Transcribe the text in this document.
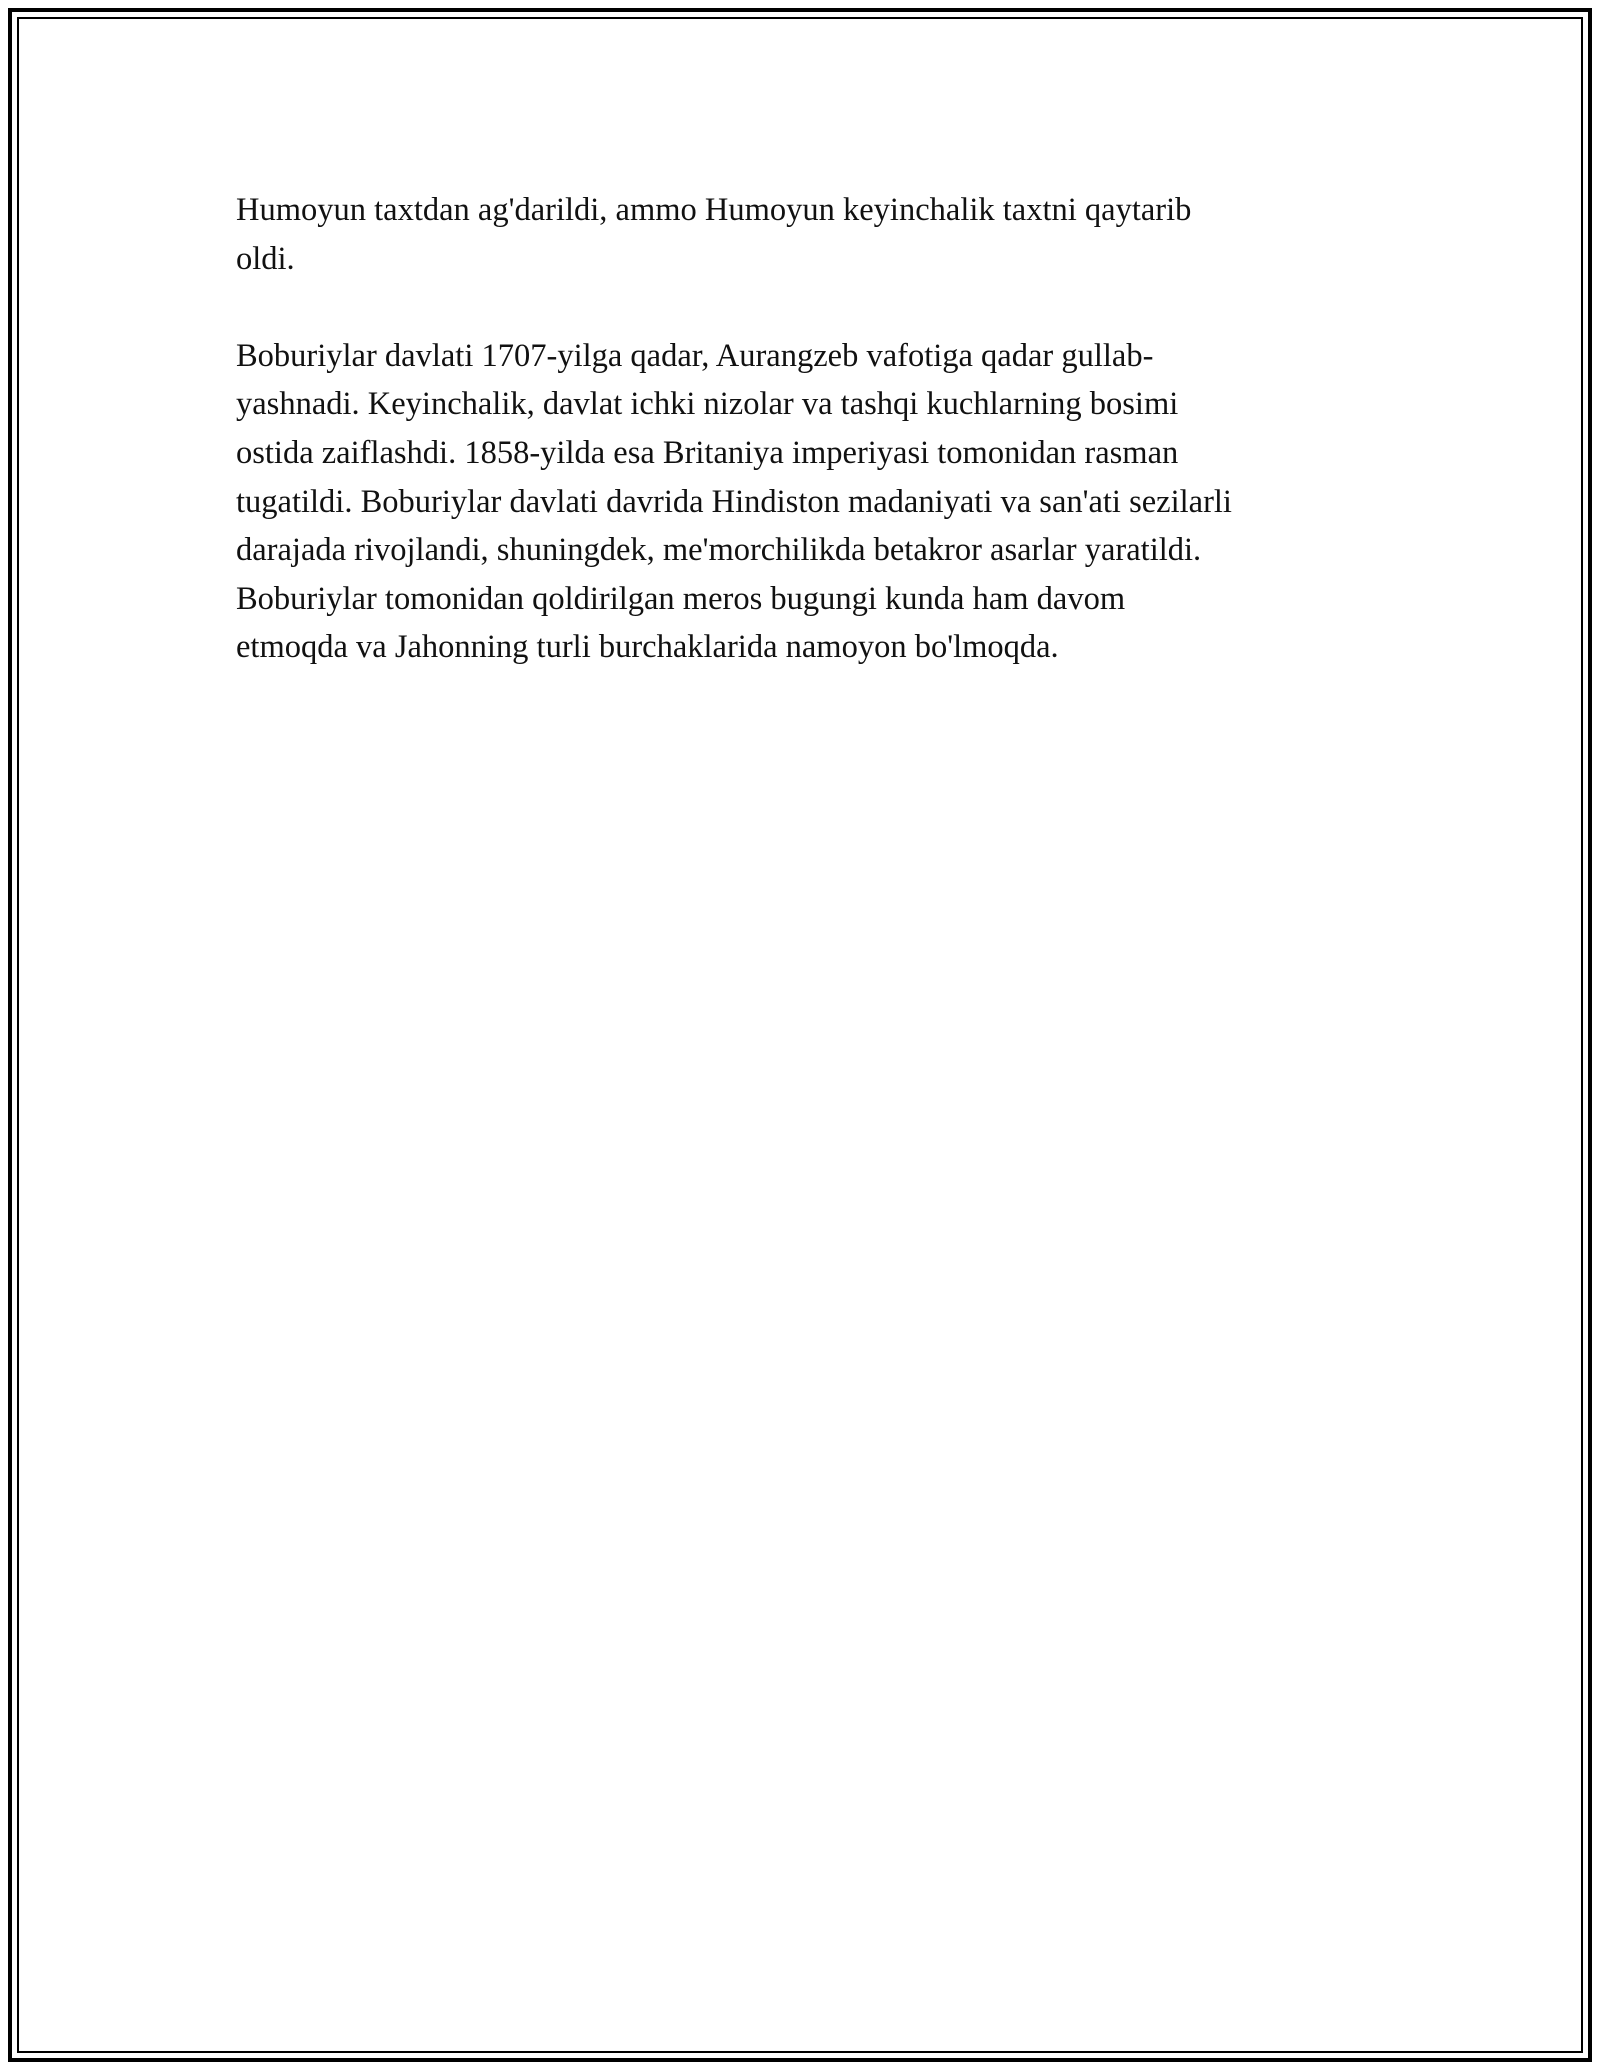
Humoyun taxtdan ag'darildi, ammo Humoyun keyinchalik taxtni qaytarib
oldi.

Boburiylar davlati 1707-yilga qadar, Aurangzeb vafotiga qadar gullab-
yashnadi. Keyinchalik, davlat ichki nizolar va tashqi kuchlarning bosimi
ostida zaiflashdi. 1858-yilda esa Britaniya imperiyasi tomonidan rasman
tugatildi. Boburiylar davlati davrida Hindiston madaniyati va san'ati sezilarli
darajada rivojlandi, shuningdek, me'morchilikda betakror asarlar yaratildi.
Boburiylar tomonidan qoldirilgan meros bugungi kunda ham davom
etmoqda va Jahonning turli burchaklarida namoyon bo'lmoqda.
